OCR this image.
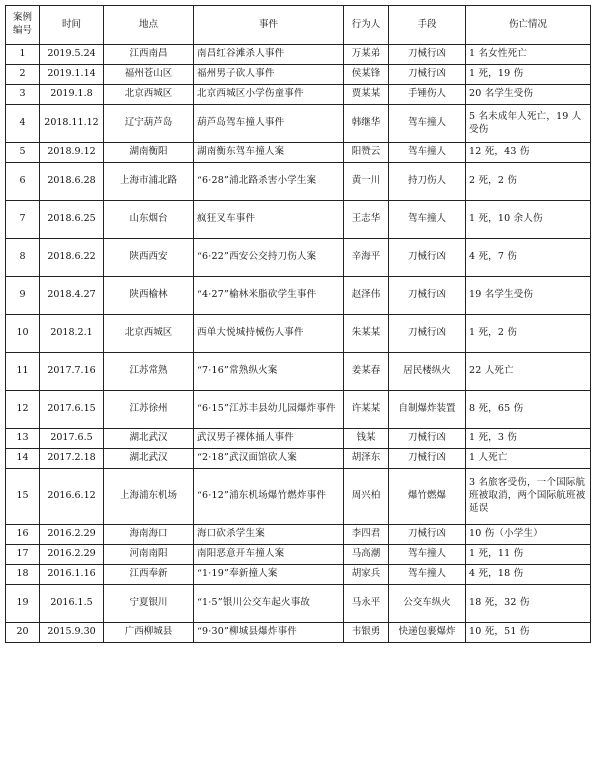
案例
编号	时间	地点	事件	行为人	手段	伤亡情况
1	2019.5.24	江西南昌	南昌红谷滩杀人事件	万某弟	刀械行凶	1 名女性死亡
2	2019.1.14	福州苍山区	福州男子砍人事件	侯某锋	刀械行凶	1 死，19 伤
3	2019.1.8	北京西城区	北京西城区小学伤童事件	贾某某	手锤伤人	20 名学生受伤
4	2018.11.12	辽宁葫芦岛	葫芦岛驾车撞人事件	韩继华	驾车撞人	5 名未成年人死亡，19 人受伤
5	2018.9.12	湖南衡阳	湖南衡东驾车撞人案	阳赞云	驾车撞人	12 死，43 伤
6	2018.6.28	上海市浦北路	“6·28”浦北路杀害小学生案	黄一川	持刀伤人	2 死，2 伤
7	2018.6.25	山东烟台	疯狂叉车事件	王志华	驾车撞人	1 死，10 余人伤
8	2018.6.22	陕西西安	“6·22”西安公交持刀伤人案	辛海平	刀械行凶	4 死，7 伤
9	2018.4.27	陕西榆林	“4·27”榆林米脂砍学生事件	赵泽伟	刀械行凶	19 名学生受伤
10	2018.2.1	北京西城区	西单大悦城持械伤人事件	朱某某	刀械行凶	1 死，2 伤
11	2017.7.16	江苏常熟	“7·16”常熟纵火案	姜某春	居民楼纵火	22 人死亡
12	2017.6.15	江苏徐州	“6·15”江苏丰县幼儿园爆炸事件	许某某	自制爆炸装置	8 死，65 伤
13	2017.6.5	湖北武汉	武汉男子裸体捅人事件	钱某	刀械行凶	1 死，3 伤
14	2017.2.18	湖北武汉	“2·18”武汉面馆砍人案	胡泽东	刀械行凶	1 人死亡
15	2016.6.12	上海浦东机场	“6·12”浦东机场爆竹燃炸事件	周兴柏	爆竹燃爆	3 名旅客受伤，一个国际航班被取消，两个国际航班被延误
16	2016.2.29	海南海口	海口砍杀学生案	李四君	刀械行凶	10 伤（小学生）
17	2016.2.29	河南南阳	南阳恶意开车撞人案	马高潮	驾车撞人	1 死，11 伤
18	2016.1.16	江西奉新	“1·19”奉新撞人案	胡家兵	驾车撞人	4 死，18 伤
19	2016.1.5	宁夏银川	“1·5”银川公交车起火事故	马永平	公交车纵火	18 死，32 伤
20	2015.9.30	广西柳城县	“9·30”柳城县爆炸事件	韦银勇	快递包裹爆炸	10 死，51 伤
